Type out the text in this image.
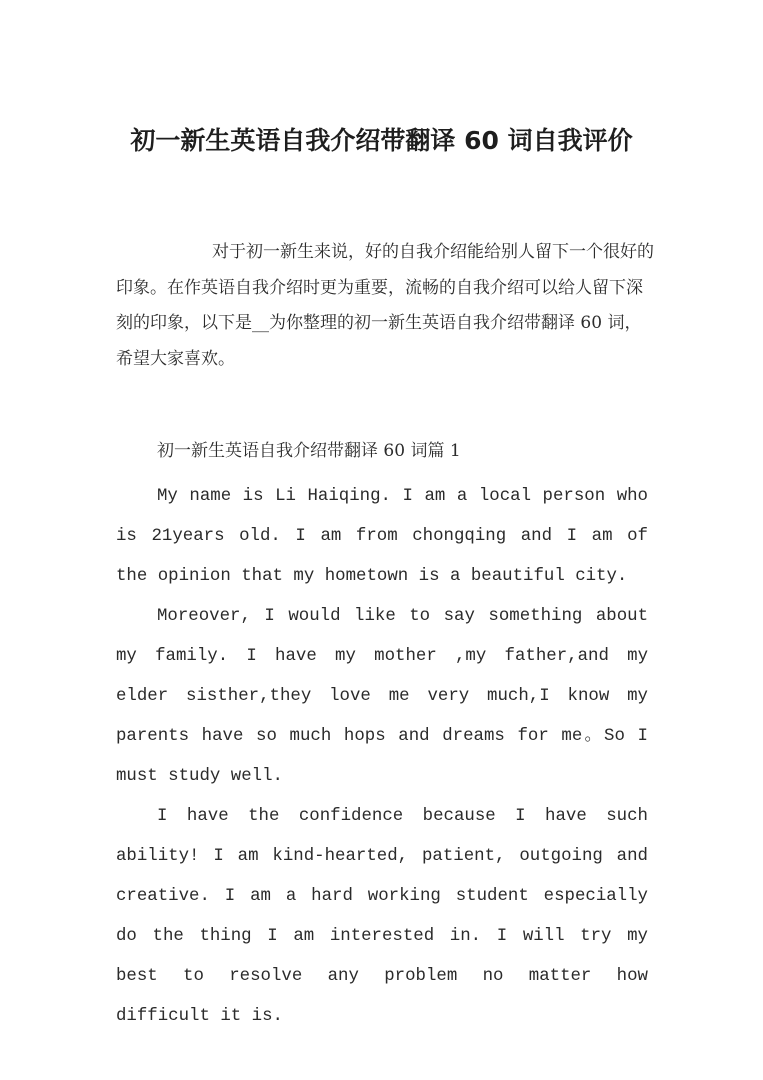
初一新生英语自我介绍带翻译 60 词自我评价

对于初一新生来说，好的自我介绍能给别人留下一个很好的印象。在作英语自我介绍时更为重要，流畅的自我介绍可以给人留下深刻的印象，以下是__为你整理的初一新生英语自我介绍带翻译 60 词，希望大家喜欢。

初一新生英语自我介绍带翻译 60 词篇 1

My name is Li Haiqing. I am a local person who is 21years old. I am from chongqing and I am of the opinion that my hometown is a beautiful city.

Moreover, I would like to say something about my family. I have my mother ,my father,and my elder sisther,they love me very much,I know my parents have so much hops and dreams for me。So I must study well.

I have the confidence because I have such ability! I am kind-hearted, patient, outgoing and creative. I am a hard working student especially do the thing I am interested in. I will try my best to resolve any problem no matter how difficult it is.
